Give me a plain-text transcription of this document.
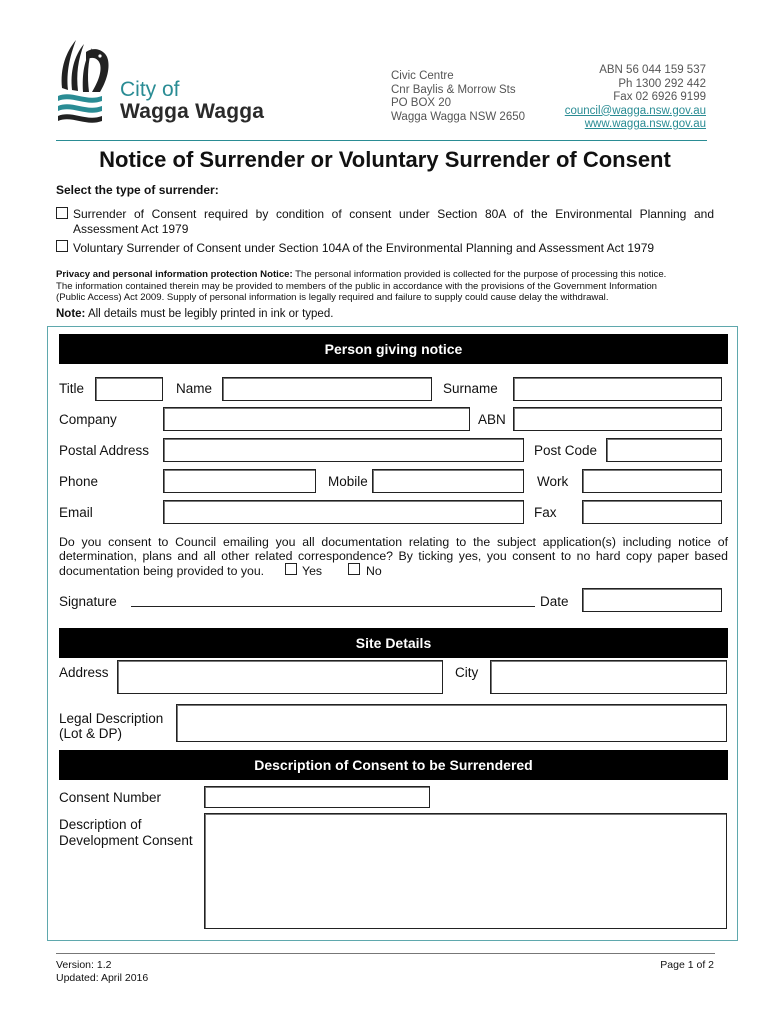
City of
Wagga Wagga
Civic Centre
Cnr Baylis & Morrow Sts
PO BOX 20
Wagga Wagga NSW 2650
ABN 56 044 159 537
Ph 1300 292 442
Fax 02 6926 9199
council@wagga.nsw.gov.au
www.wagga.nsw.gov.au
Notice of Surrender or Voluntary Surrender of Consent
Select the type of surrender:
Surrender of Consent required by condition of consent under Section 80A of the Environmental Planning and
Assessment Act 1979
Voluntary Surrender of Consent under Section 104A of the Environmental Planning and Assessment Act 1979
Privacy and personal information protection Notice: The personal information provided is collected for the purpose of processing this notice.
The information contained therein may be provided to members of the public in accordance with the provisions of the Government Information
(Public Access) Act 2009. Supply of personal information is legally required and failure to supply could cause delay the withdrawal.
Note: All details must be legibly printed in ink or typed.
Person giving notice
Title	Name	Surname
Company	ABN
Postal Address	Post Code
Phone	Mobile	Work
Email	Fax
Do you consent to Council emailing you all documentation relating to the subject application(s) including notice of
determination, plans and all other related correspondence? By ticking yes, you consent to no hard copy paper based
documentation being provided to you.	Yes	No
Signature	Date
Site Details
Address	City
Legal Description
(Lot & DP)
Description of Consent to be Surrendered
Consent Number
Description of
Development Consent
Version: 1.2
Updated: April 2016
Page 1 of 2
